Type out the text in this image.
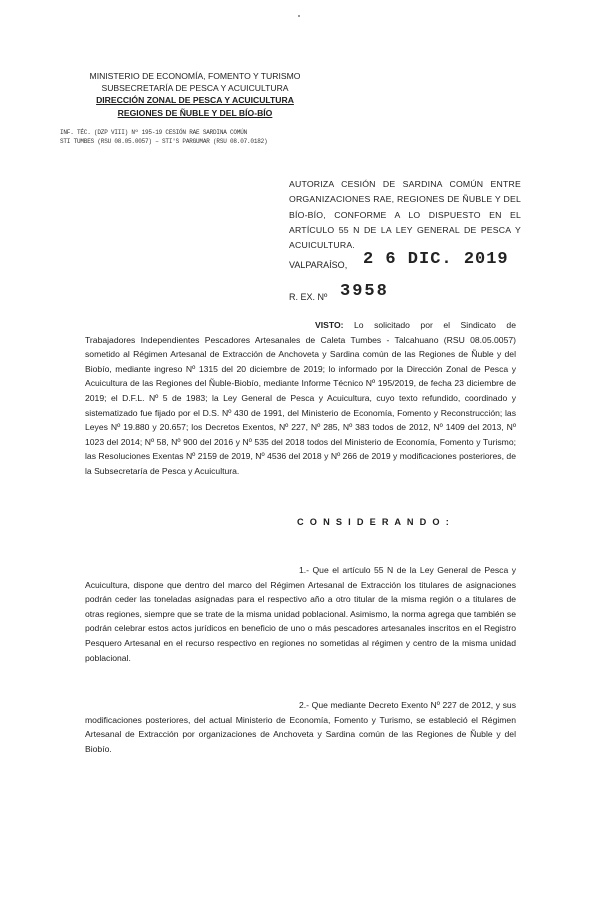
MINISTERIO DE ECONOMÍA, FOMENTO Y TURISMO
SUBSECRETARÍA DE PESCA Y ACUICULTURA
DIRECCIÓN ZONAL DE PESCA Y ACUICULTURA
REGIONES DE ÑUBLE Y DEL BÍO-BÍO
INF. TÉC. (DZP VIII) Nº 195-19 CESIÓN RAE SARDINA COMÚN
STI TUMBES (RSU 08.05.0057) – STI'S PARGUMAR (RSU 08.07.0182)
AUTORIZA CESIÓN DE SARDINA COMÚN ENTRE ORGANIZACIONES RAE, REGIONES DE ÑUBLE Y DEL BÍO-BÍO, CONFORME A LO DISPUESTO EN EL ARTÍCULO 55 N DE LA LEY GENERAL DE PESCA Y ACUICULTURA.
VALPARAÍSO, 2 6 DIC. 2019
R. EX. Nº 3958
VISTO: Lo solicitado por el Sindicato de Trabajadores Independientes Pescadores Artesanales de Caleta Tumbes - Talcahuano (RSU 08.05.0057) sometido al Régimen Artesanal de Extracción de Anchoveta y Sardina común de las Regiones de Ñuble y del Biobío, mediante ingreso Nº 1315 del 20 diciembre de 2019; lo informado por la Dirección Zonal de Pesca y Acuicultura de las Regiones del Ñuble-Biobío, mediante Informe Técnico Nº 195/2019, de fecha 23 diciembre de 2019; el D.F.L. Nº 5 de 1983; la Ley General de Pesca y Acuicultura, cuyo texto refundido, coordinado y sistematizado fue fijado por el D.S. Nº 430 de 1991, del Ministerio de Economía, Fomento y Reconstrucción; las Leyes Nº 19.880 y 20.657; los Decretos Exentos, Nº 227, Nº 285, Nº 383 todos de 2012, Nº 1409 del 2013, Nº 1023 del 2014; Nº 58, Nº 900 del 2016 y Nº 535 del 2018 todos del Ministerio de Economía, Fomento y Turismo; las Resoluciones Exentas Nº 2159 de 2019, Nº 4536 del 2018 y Nº 266 de 2019 y modificaciones posteriores, de la Subsecretaría de Pesca y Acuicultura.
C O N S I D E R A N D O :
1.- Que el artículo 55 N de la Ley General de Pesca y Acuicultura, dispone que dentro del marco del Régimen Artesanal de Extracción los titulares de asignaciones podrán ceder las toneladas asignadas para el respectivo año a otro titular de la misma región o a titulares de otras regiones, siempre que se trate de la misma unidad poblacional. Asimismo, la norma agrega que también se podrán celebrar estos actos jurídicos en beneficio de uno o más pescadores artesanales inscritos en el Registro Pesquero Artesanal en el recurso respectivo en regiones no sometidas al régimen y centro de la misma unidad poblacional.
2.- Que mediante Decreto Exento Nº 227 de 2012, y sus modificaciones posteriores, del actual Ministerio de Economía, Fomento y Turismo, se estableció el Régimen Artesanal de Extracción por organizaciones de Anchoveta y Sardina común de las Regiones de Ñuble y del Biobío.
